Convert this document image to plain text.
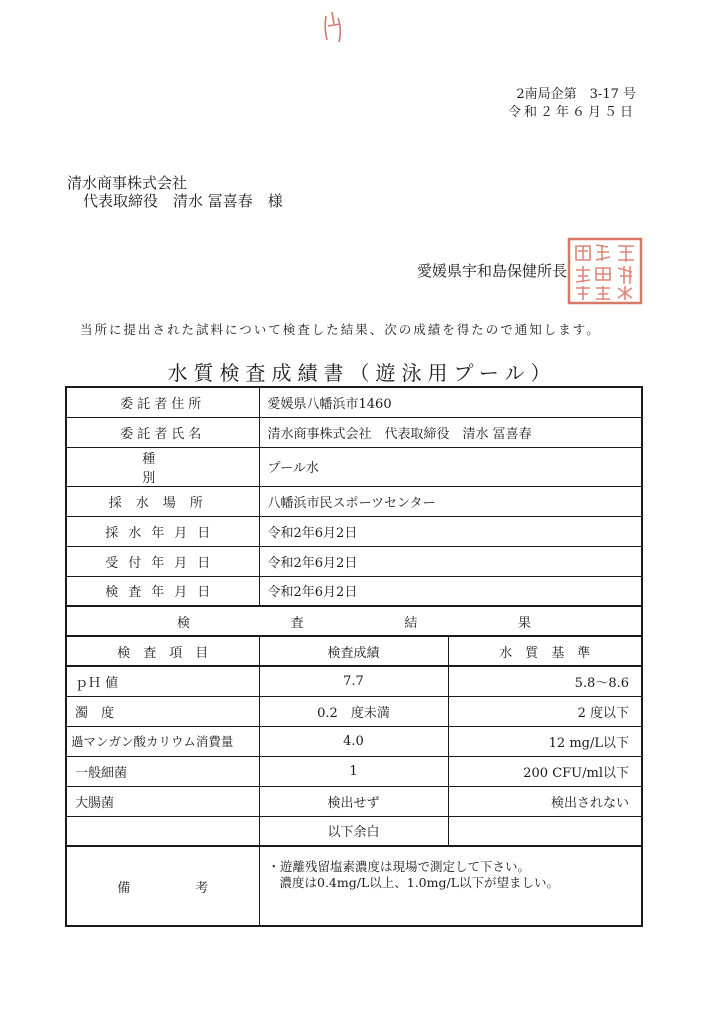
2南局企第　3-17 号
令和２年６月５日
清水商事株式会社
代表取締役　清水 冨喜春　様
愛媛県宇和島保健所長
当所に提出された試料について検査した結果、次の成績を得たので通知します。
水質検査成績書（遊泳用プール）
委託者住所	愛媛県八幡浜市1460	
委託者氏名	清水商事株式会社　代表取締役　清水 冨喜春	
種別	プール水	
採水場所	八幡浜市民スポーツセンター	
採水年月日	令和2年6月2日	
受付年月日	令和2年6月2日	
検査年月日	令和2年6月2日	

検 査 結 果		

検　査　項　目	検査成績	水　質　基　準
ｐＨ 値	7.7	5.8〜8.6
濁　度	0.2　度未満	2 度以下
過マンガン酸カリウム消費量	4.0	12 mg/L以下
一般細菌	1	200 CFU/ml以下
大腸菌	検出せず	検出されない
	以下余白	
備　　　　　考	・遊離残留塩素濃度は現場で測定して下さい。
濃度は0.4mg/L以上、1.0mg/L以下が望ましい。	
